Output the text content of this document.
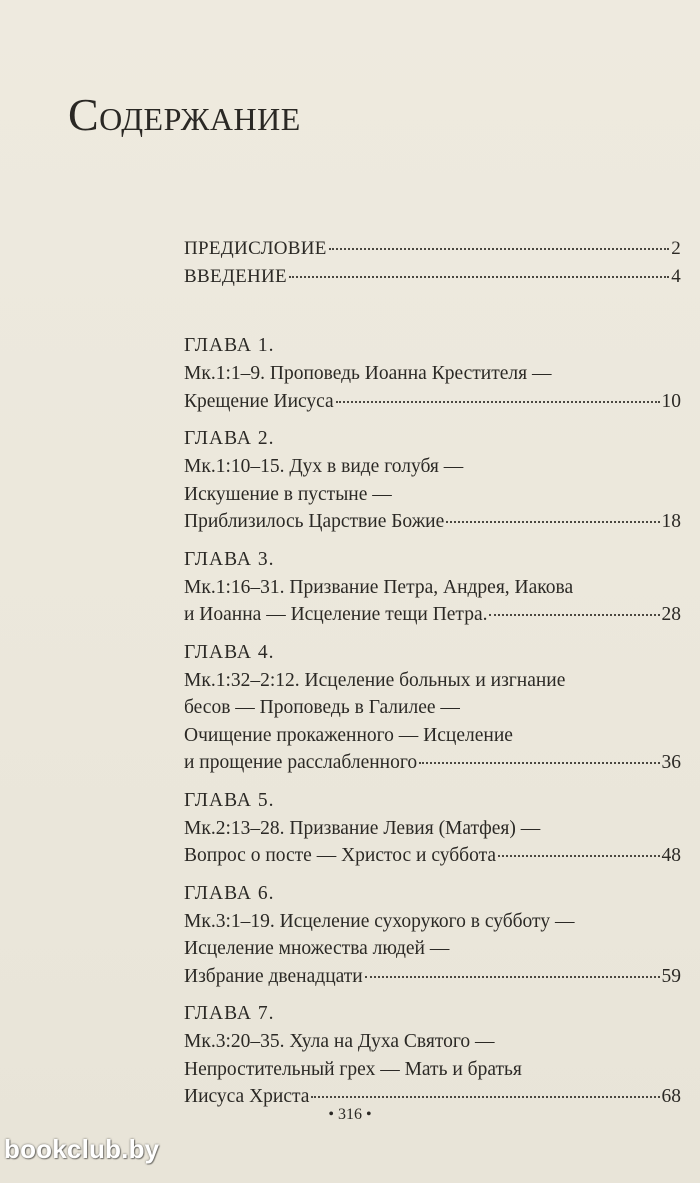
Содержание
ПРЕДИСЛОВИЕ	2
ВВЕДЕНИЕ	4
ГЛАВА 1.
Мк.1:1–9. Проповедь Иоанна Крестителя —
Крещение Иисуса	10
ГЛАВА 2.
Мк.1:10–15. Дух в виде голубя —
Искушение в пустыне —
Приблизилось Царствие Божие	18
ГЛАВА 3.
Мк.1:16–31. Призвание Петра, Андрея, Иакова
и Иоанна — Исцеление тещи Петра.	28
ГЛАВА 4.
Мк.1:32–2:12. Исцеление больных и изгнание
бесов — Проповедь в Галилее —
Очищение прокаженного — Исцеление
и прощение расслабленного	36
ГЛАВА 5.
Мк.2:13–28. Призвание Левия (Матфея) —
Вопрос о посте — Христос и суббота	48
ГЛАВА 6.
Мк.3:1–19. Исцеление сухорукого в субботу —
Исцеление множества людей —
Избрание двенадцати	59
ГЛАВА 7.
Мк.3:20–35. Хула на Духа Святого —
Непростительный грех — Мать и братья
Иисуса Христа	68
• 316 •
bookclub.by
